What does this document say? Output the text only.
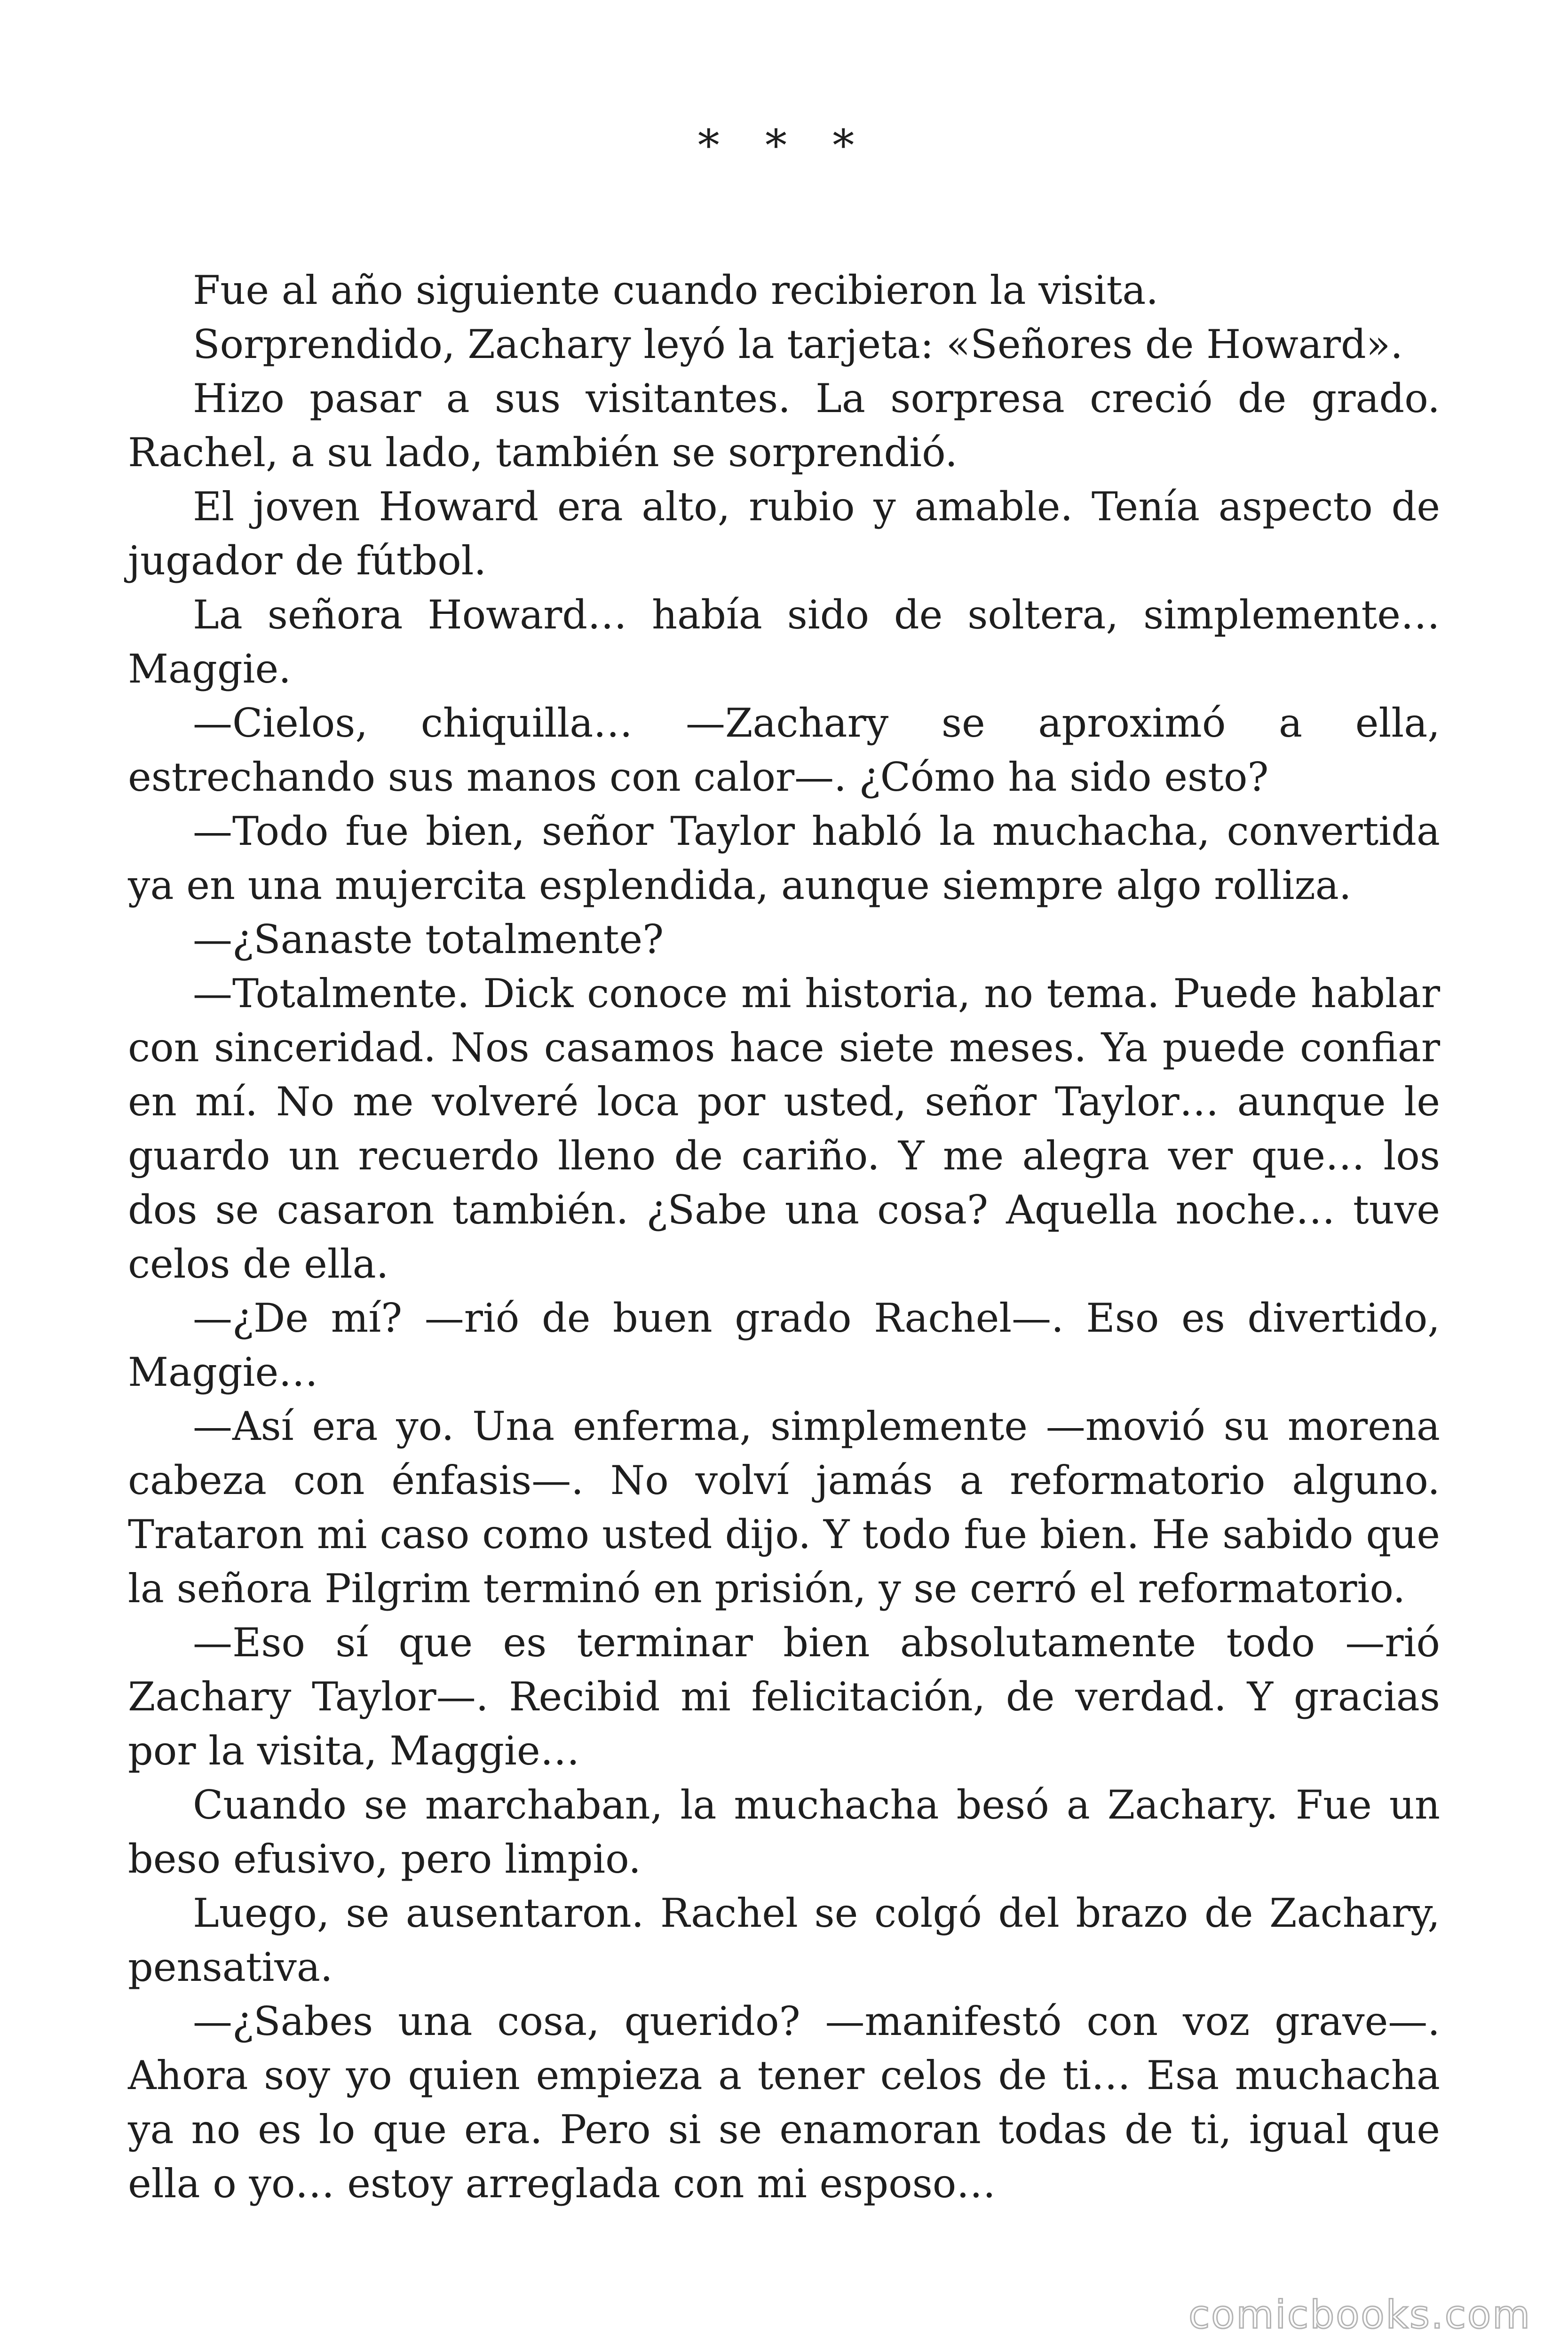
* * *

Fue al año siguiente cuando recibieron la visita.

Sorprendido, Zachary leyó la tarjeta: «Señores de Howard».

Hizo pasar a sus visitantes. La sorpresa creció de grado. Rachel, a su lado, también se sorprendió.

El joven Howard era alto, rubio y amable. Tenía aspecto de jugador de fútbol.

La señora Howard… había sido de soltera, simplemente… Maggie.

—Cielos, chiquilla… —Zachary se aproximó a ella, estrechando sus manos con calor—. ¿Cómo ha sido esto?

—Todo fue bien, señor Taylor habló la muchacha, convertida ya en una mujercita esplendida, aunque siempre algo rolliza.

—¿Sanaste totalmente?

—Totalmente. Dick conoce mi historia, no tema. Puede hablar con sinceridad. Nos casamos hace siete meses. Ya puede confiar en mí. No me volveré loca por usted, señor Taylor… aunque le guardo un recuerdo lleno de cariño. Y me alegra ver que… los dos se casaron también. ¿Sabe una cosa? Aquella noche… tuve celos de ella.

—¿De mí? —rió de buen grado Rachel—. Eso es divertido, Maggie…

—Así era yo. Una enferma, simplemente —movió su morena cabeza con énfasis—. No volví jamás a reformatorio alguno. Trataron mi caso como usted dijo. Y todo fue bien. He sabido que la señora Pilgrim terminó en prisión, y se cerró el reformatorio.

—Eso sí que es terminar bien absolutamente todo —rió Zachary Taylor—. Recibid mi felicitación, de verdad. Y gracias por la visita, Maggie…

Cuando se marchaban, la muchacha besó a Zachary. Fue un beso efusivo, pero limpio.

Luego, se ausentaron. Rachel se colgó del brazo de Zachary, pensativa.

—¿Sabes una cosa, querido? —manifestó con voz grave—. Ahora soy yo quien empieza a tener celos de ti… Esa muchacha ya no es lo que era. Pero si se enamoran todas de ti, igual que ella o yo… estoy arreglada con mi esposo…

comicbooks.com
